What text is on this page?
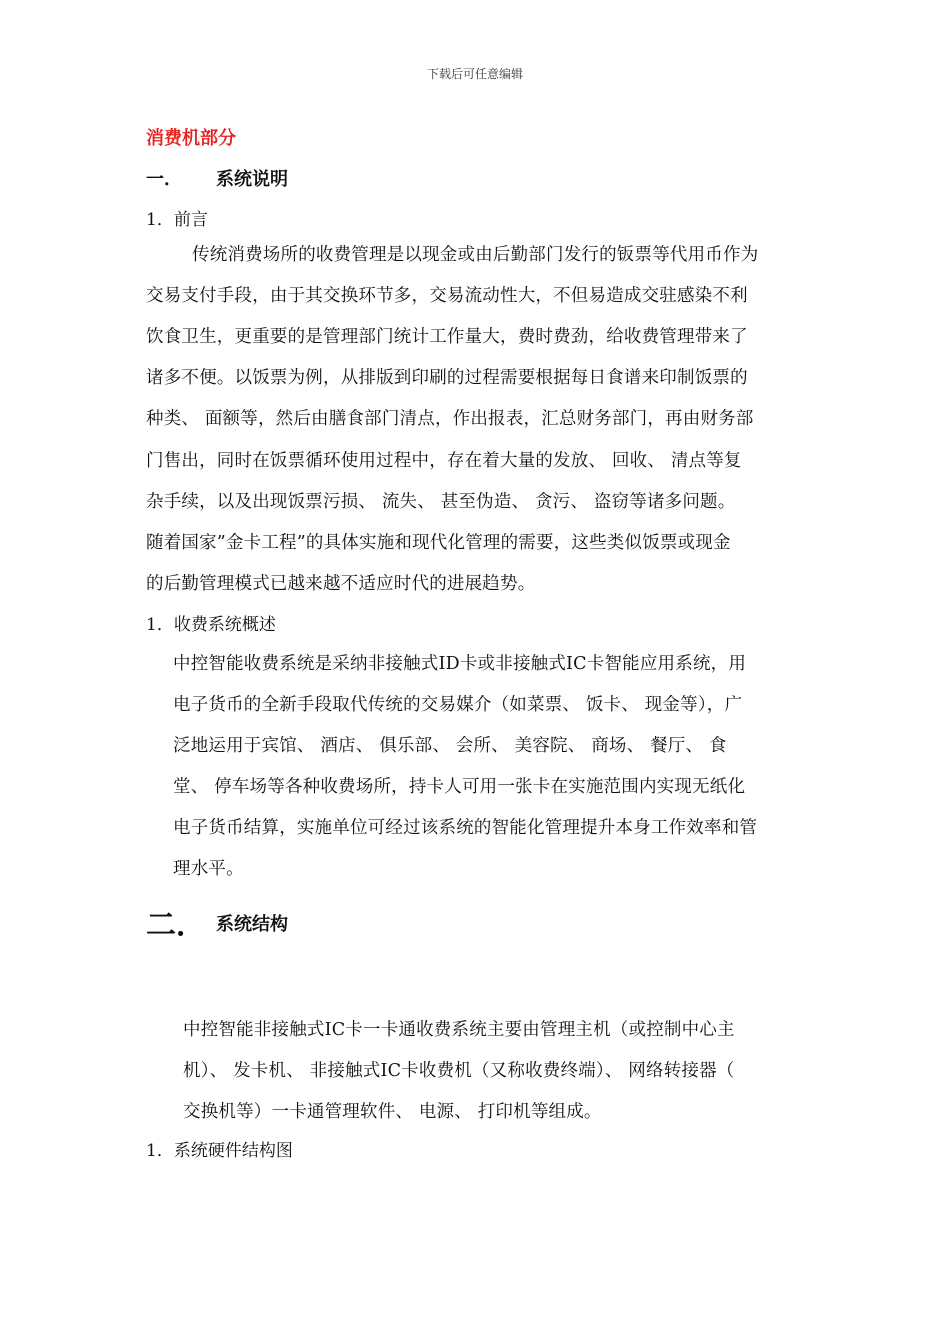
下载后可任意编辑
消费机部分
一． 系统说明
1．前言
传统消费场所的收费管理是以现金或由后勤部门发行的钣票等代用币作为
交易支付手段，由于其交换环节多，交易流动性大，不但易造成交驻感染不利
饮食卫生，更重要的是管理部门统计工作量大，费时费劲，给收费管理带来了
诸多不便。以饭票为例，从排版到印刷的过程需要根据每日食谱来印制饭票的
种类、 面额等，然后由膳食部门清点，作出报表，汇总财务部门，再由财务部
门售出，同时在饭票循环使用过程中，存在着大量的发放、 回收、 清点等复
杂手续，以及出现饭票污损、 流失、 甚至伪造、 贪污、 盗窃等诸多问题。
随着国家”金卡工程”的具体实施和现代化管理的需要，这些类似饭票或现金
的后勤管理模式已越来越不适应时代的进展趋势。
1．收费系统概述
中控智能收费系统是采纳非接触式ID卡或非接触式IC卡智能应用系统，用
电子货币的全新手段取代传统的交易媒介（如菜票、 饭卡、 现金等），广
泛地运用于宾馆、 酒店、 俱乐部、 会所、 美容院、 商场、 餐厅、 食
堂、 停车场等各种收费场所，持卡人可用一张卡在实施范围内实现无纸化
电子货币结算，实施单位可经过该系统的智能化管理提升本身工作效率和管
理水平。
二． 系统结构
中控智能非接触式IC卡一卡通收费系统主要由管理主机（或控制中心主
机）、 发卡机、 非接触式IC卡收费机（又称收费终端）、 网络转接器（
交换机等）一卡通管理软件、 电源、 打印机等组成。
1．系统硬件结构图
